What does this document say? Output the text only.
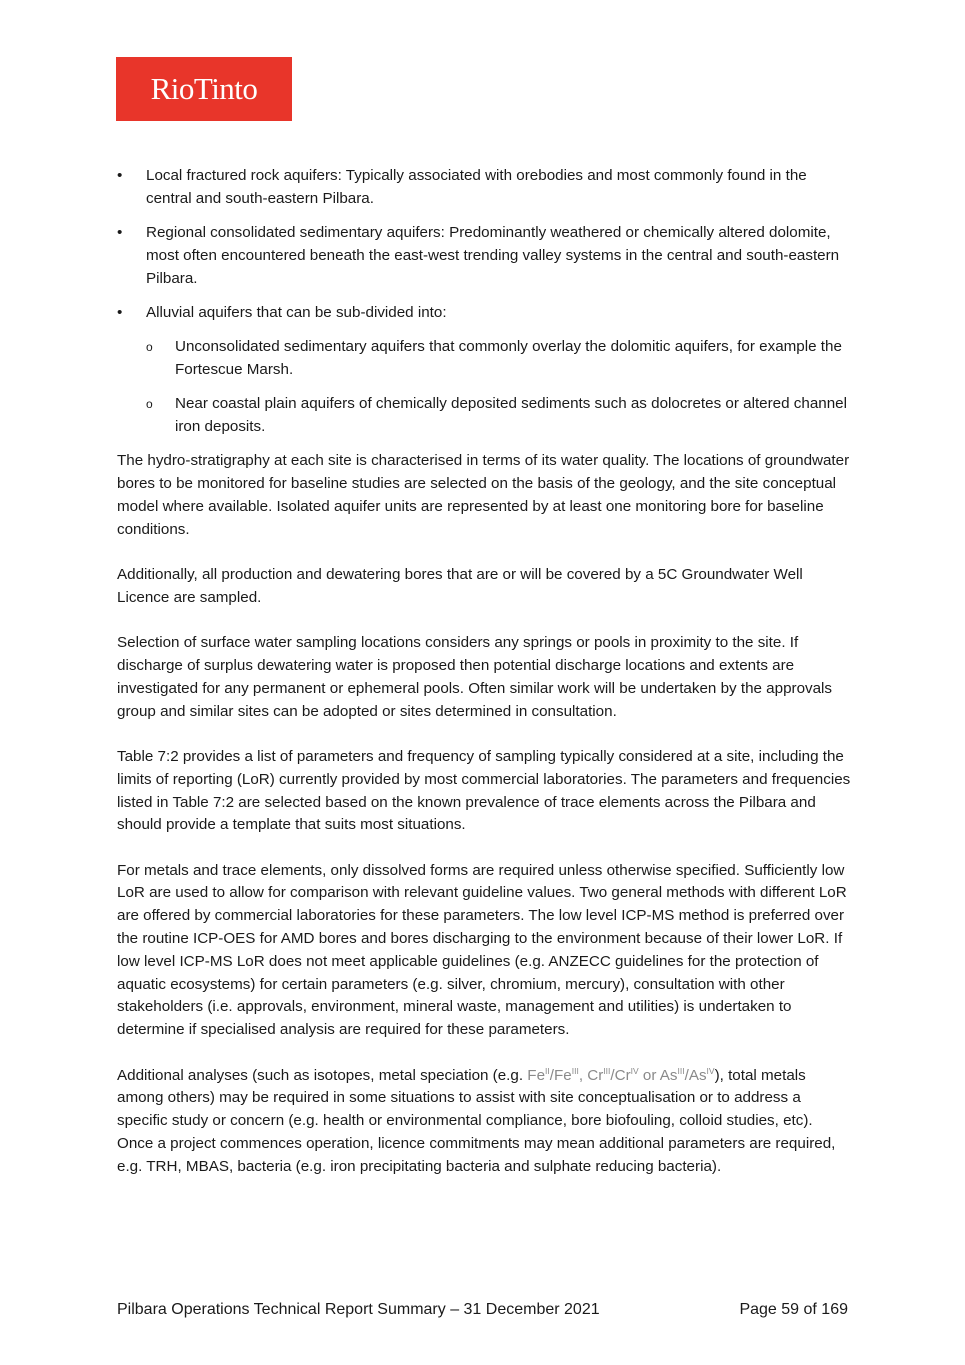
RioTinto
•	Local fractured rock aquifers: Typically associated with orebodies and most commonly found in the central and south-eastern Pilbara.
•	Regional consolidated sedimentary aquifers: Predominantly weathered or chemically altered dolomite, most often encountered beneath the east-west trending valley systems in the central and south-eastern Pilbara.
•	Alluvial aquifers that can be sub-divided into:
o Unconsolidated sedimentary aquifers that commonly overlay the dolomitic aquifers, for example the Fortescue Marsh.
o Near coastal plain aquifers of chemically deposited sediments such as dolocretes or altered channel iron deposits.

The hydro-stratigraphy at each site is characterised in terms of its water quality. The locations of groundwater bores to be monitored for baseline studies are selected on the basis of the geology, and the site conceptual model where available. Isolated aquifer units are represented by at least one monitoring bore for baseline conditions.

Additionally, all production and dewatering bores that are or will be covered by a 5C Groundwater Well Licence are sampled.

Selection of surface water sampling locations considers any springs or pools in proximity to the site. If discharge of surplus dewatering water is proposed then potential discharge locations and extents are investigated for any permanent or ephemeral pools. Often similar work will be undertaken by the approvals group and similar sites can be adopted or sites determined in consultation.

Table 7:2 provides a list of parameters and frequency of sampling typically considered at a site, including the limits of reporting (LoR) currently provided by most commercial laboratories. The parameters and frequencies listed in Table 7:2 are selected based on the known prevalence of trace elements across the Pilbara and should provide a template that suits most situations.

For metals and trace elements, only dissolved forms are required unless otherwise specified. Sufficiently low LoR are used to allow for comparison with relevant guideline values. Two general methods with different LoR are offered by commercial laboratories for these parameters. The low level ICP-MS method is preferred over the routine ICP-OES for AMD bores and bores discharging to the environment because of their lower LoR. If low level ICP-MS LoR does not meet applicable guidelines (e.g. ANZECC guidelines for the protection of aquatic ecosystems) for certain parameters (e.g. silver, chromium, mercury), consultation with other stakeholders (i.e. approvals, environment, mineral waste, management and utilities) is undertaken to determine if specialised analysis are required for these parameters.

Additional analyses (such as isotopes, metal speciation (e.g. $Fe^{II}/Fe^{III}$, $Cr^{III}/Cr^{IV}$ or $As^{III}/As^{IV}$), total metals among others) may be required in some situations to assist with site conceptualisation or to address a specific study or concern (e.g. health or environmental compliance, bore biofouling, colloid studies, etc). Once a project commences operation, licence commitments may mean additional parameters are required, e.g. TRH, MBAS, bacteria (e.g. iron precipitating bacteria and sulphate reducing bacteria).

Pilbara Operations Technical Report Summary – 31 December 2021	Page 59 of 169
